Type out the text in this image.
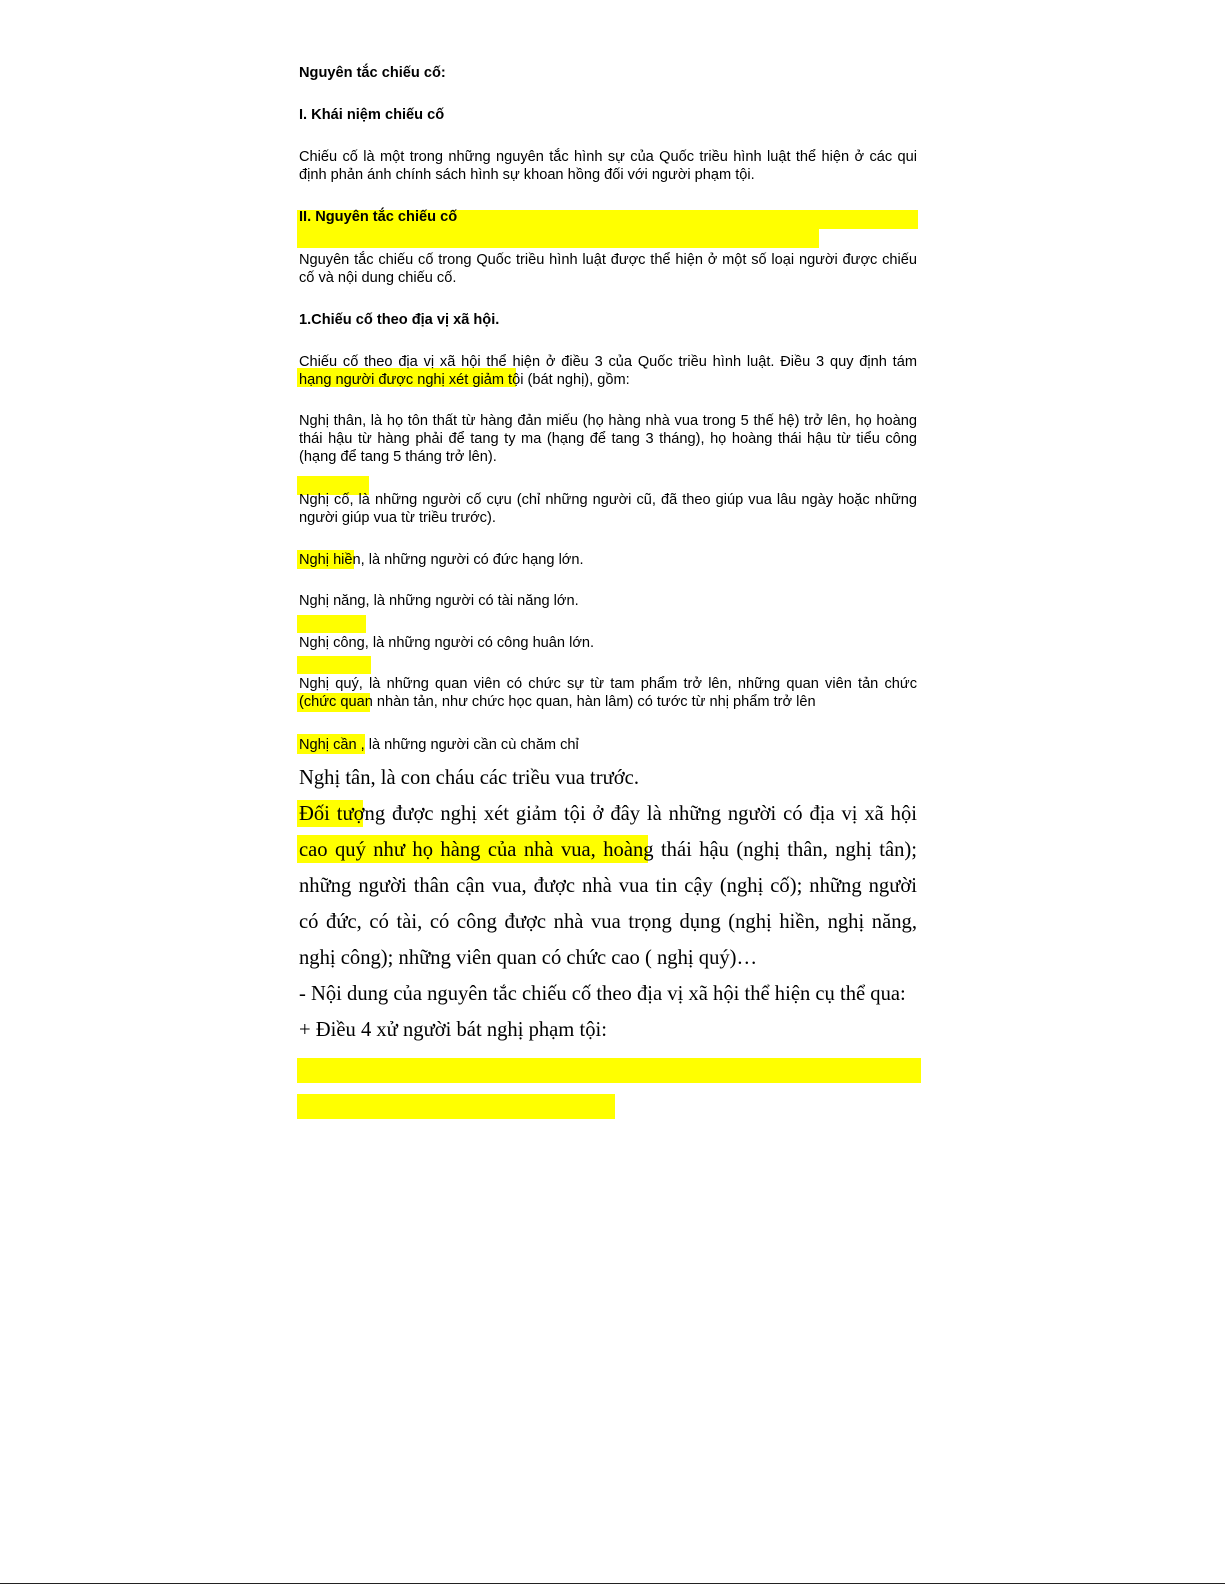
Nguyên tắc chiếu cố:

I. Khái niệm chiếu cố

Chiếu cố là một trong những nguyên tắc hình sự của Quốc triều hình luật thể hiện ở các qui định phản ánh chính sách hình sự khoan hồng đối với người phạm tội.

II. Nguyên tắc chiếu cố

Nguyên tắc chiếu cố trong Quốc triều hình luật được thể hiện ở một số loại người được chiếu cố và nội dung chiếu cố.

1.Chiếu cố theo địa vị xã hội.

Chiếu cố theo địa vị xã hội thể hiện ở điều 3 của Quốc triều hình luật. Điều 3 quy định tám hạng người được nghị xét giảm tội (bát nghị), gồm:

Nghị thân, là họ tôn thất từ hàng đản miếu (họ hàng nhà vua trong 5 thế hệ) trở lên, họ hoàng thái hậu từ hàng phải để tang ty ma (hạng để tang 3 tháng), họ hoàng thái hậu từ tiểu công (hạng để tang 5 tháng trở lên).

Nghị cố, là những người cố cựu (chỉ những người cũ, đã theo giúp vua lâu ngày hoặc những người giúp vua từ triều trước).

Nghị hiền, là những người có đức hạng lớn.

Nghị năng, là những người có tài năng lớn.

Nghị công, là những người có công huân lớn.

Nghị quý, là những quan viên có chức sự từ tam phẩm trở lên, những quan viên tản chức (chức quan nhàn tản, như chức học quan, hàn lâm) có tước từ nhị phẩm trở lên

Nghị cần , là những người cần cù chăm chỉ

Nghị tân, là con cháu các triều vua trước.

Đối tượng được nghị xét giảm tội ở đây là những người có địa vị xã hội cao quý như họ hàng của nhà vua, hoàng thái hậu (nghị thân, nghị tân); những người thân cận vua, được nhà vua tin cậy (nghị cố); những người có đức, có tài, có công được nhà vua trọng dụng (nghị hiền, nghị năng, nghị công); những viên quan có chức cao ( nghị quý)…

- Nội dung của nguyên tắc chiếu cố theo địa vị xã hội thể hiện cụ thể qua:

+ Điều 4 xử người bát nghị phạm tội:
